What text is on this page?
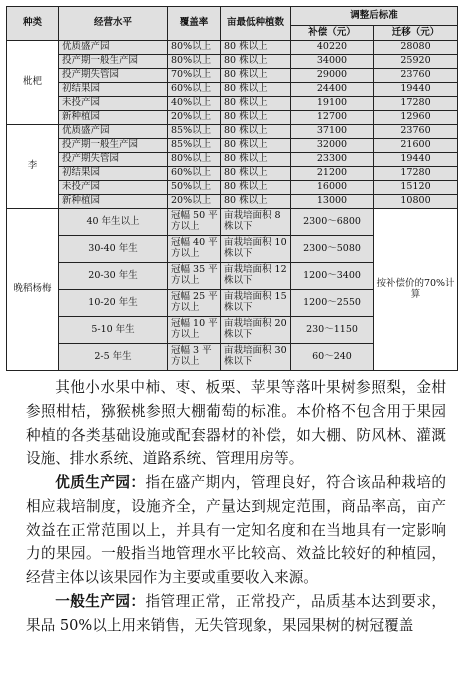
种类	经营水平	覆盖率	亩最低种植数	调整后标准	
				补偿（元）	迁移（元）
枇杷	优质盛产园	80%以上	80 株以上	40220	28080
	投产期一般生产园	80%以上	80 株以上	34000	25920
	投产期失管园	70%以上	80 株以上	29000	23760
	初结果园	60%以上	80 株以上	24400	19440
	未投产园	40%以上	80 株以上	19100	17280
	新种植园	20%以上	80 株以上	12700	12960
李	优质盛产园	85%以上	80 株以上	37100	23760
	投产期一般生产园	85%以上	80 株以上	32000	21600
	投产期失管园	80%以上	80 株以上	23300	19440
	初结果园	60%以上	80 株以上	21200	17280
	未投产园	50%以上	80 株以上	16000	15120
	新种植园	20%以上	80 株以上	13000	10800
晚稻杨梅	40 年生以上	冠幅 50 平方以上	亩栽培面积 8 株以下	2300～6800	按补偿价的70%计算
	30-40 年生	冠幅 40 平方以上	亩栽培面积 10 株以下	2300～5080	
	20-30 年生	冠幅 35 平方以上	亩栽培面积 12 株以下	1200～3400	
	10-20 年生	冠幅 25 平方以上	亩栽培面积 15 株以下	1200～2550	
	5-10 年生	冠幅 10 平方以上	亩栽培面积 20 株以下	230～1150	
	2-5 年生	冠幅 3 平方以上	亩栽培面积 30 株以下	60～240	

其他小水果中柿、枣、板栗、苹果等落叶果树参照梨，金柑参照柑桔，猕猴桃参照大棚葡萄的标准。本价格不包含用于果园种植的各类基础设施或配套器材的补偿，如大棚、防风林、灌溉设施、排水系统、道路系统、管理用房等。

优质生产园：指在盛产期内，管理良好，符合该品种栽培的相应栽培制度，设施齐全，产量达到规定范围，商品率高，亩产效益在正常范围以上，并具有一定知名度和在当地具有一定影响力的果园。一般指当地管理水平比较高、效益比较好的种植园，经营主体以该果园作为主要或重要收入来源。

一般生产园：指管理正常，正常投产，品质基本达到要求，果品 50%以上用来销售，无失管现象，果园果树的树冠覆盖
